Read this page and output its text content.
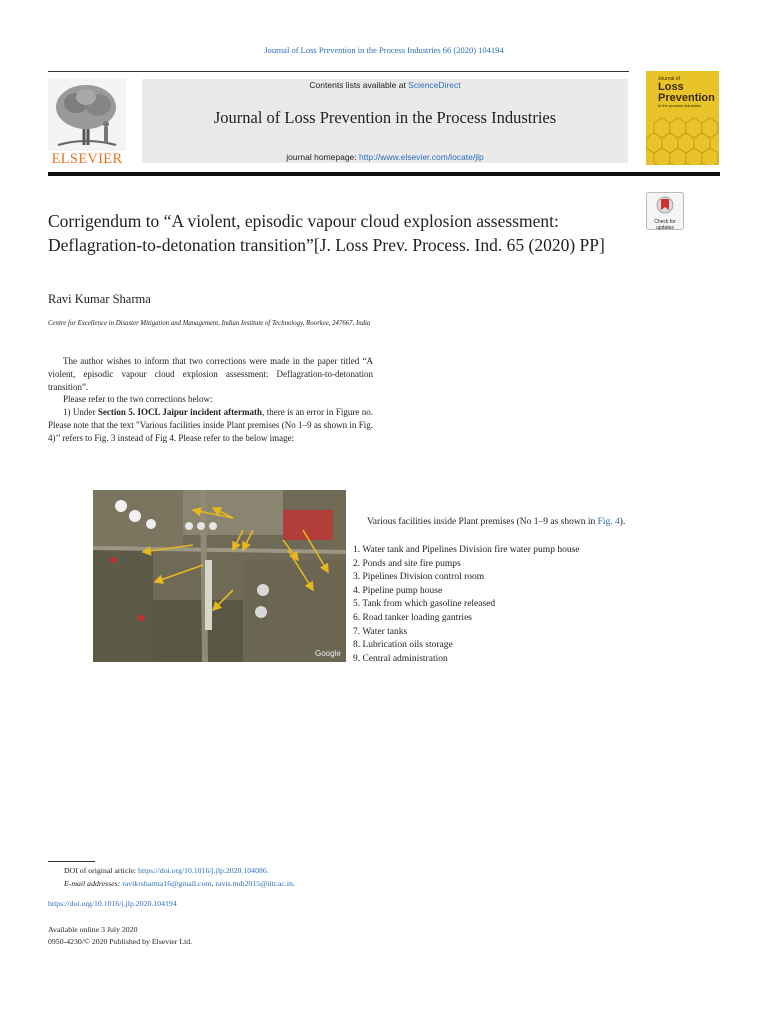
Journal of Loss Prevention in the Process Industries 66 (2020) 104194
ELSEVIER
Contents lists available at ScienceDirect
Journal of Loss Prevention in the Process Industries
journal homepage: http://www.elsevier.com/locate/jlp
Journal of
Loss
Prevention
in the process industries
Check for updates
Corrigendum to “A violent, episodic vapour cloud explosion assessment: Deflagration-to-detonation transition”[J. Loss Prev. Process. Ind. 65 (2020) PP]
Ravi Kumar Sharma
Centre for Excellence in Disaster Mitigation and Management, Indian Institute of Technology, Roorkee, 247667, India

The author wishes to inform that two corrections were made in the paper titled “A violent, episodic vapour cloud explosion assessment: Deflagration-to-detonation transition”.

Please refer to the two corrections below:

1) Under Section 5. IOCL Jaipur incident aftermath, there is an error in Figure no. Please note that the text "Various facilities inside Plant premises (No 1–9 as shown in Fig. 4)’’ refers to Fig. 3 instead of Fig 4. Please refer to the below image:

Google
Various facilities inside Plant premises (No 1–9 as shown in Fig. 4).
1. Water tank and Pipelines Division fire water pump house
2. Ponds and site fire pumps
3. Pipelines Division control room
4. Pipeline pump house
5. Tank from which gasoline released
6. Road tanker loading gantries
7. Water tanks
8. Lubrication oils storage
9. Central administration
DOI of original article: https://doi.org/10.1016/j.jlp.2020.104086.
E-mail addresses: ravikrsharma16@gmail.com, ravis.mdt2015@iitr.ac.in.
https://doi.org/10.1016/j.jlp.2020.104194
Available online 3 July 2020
0950-4230/© 2020 Published by Elsevier Ltd.
